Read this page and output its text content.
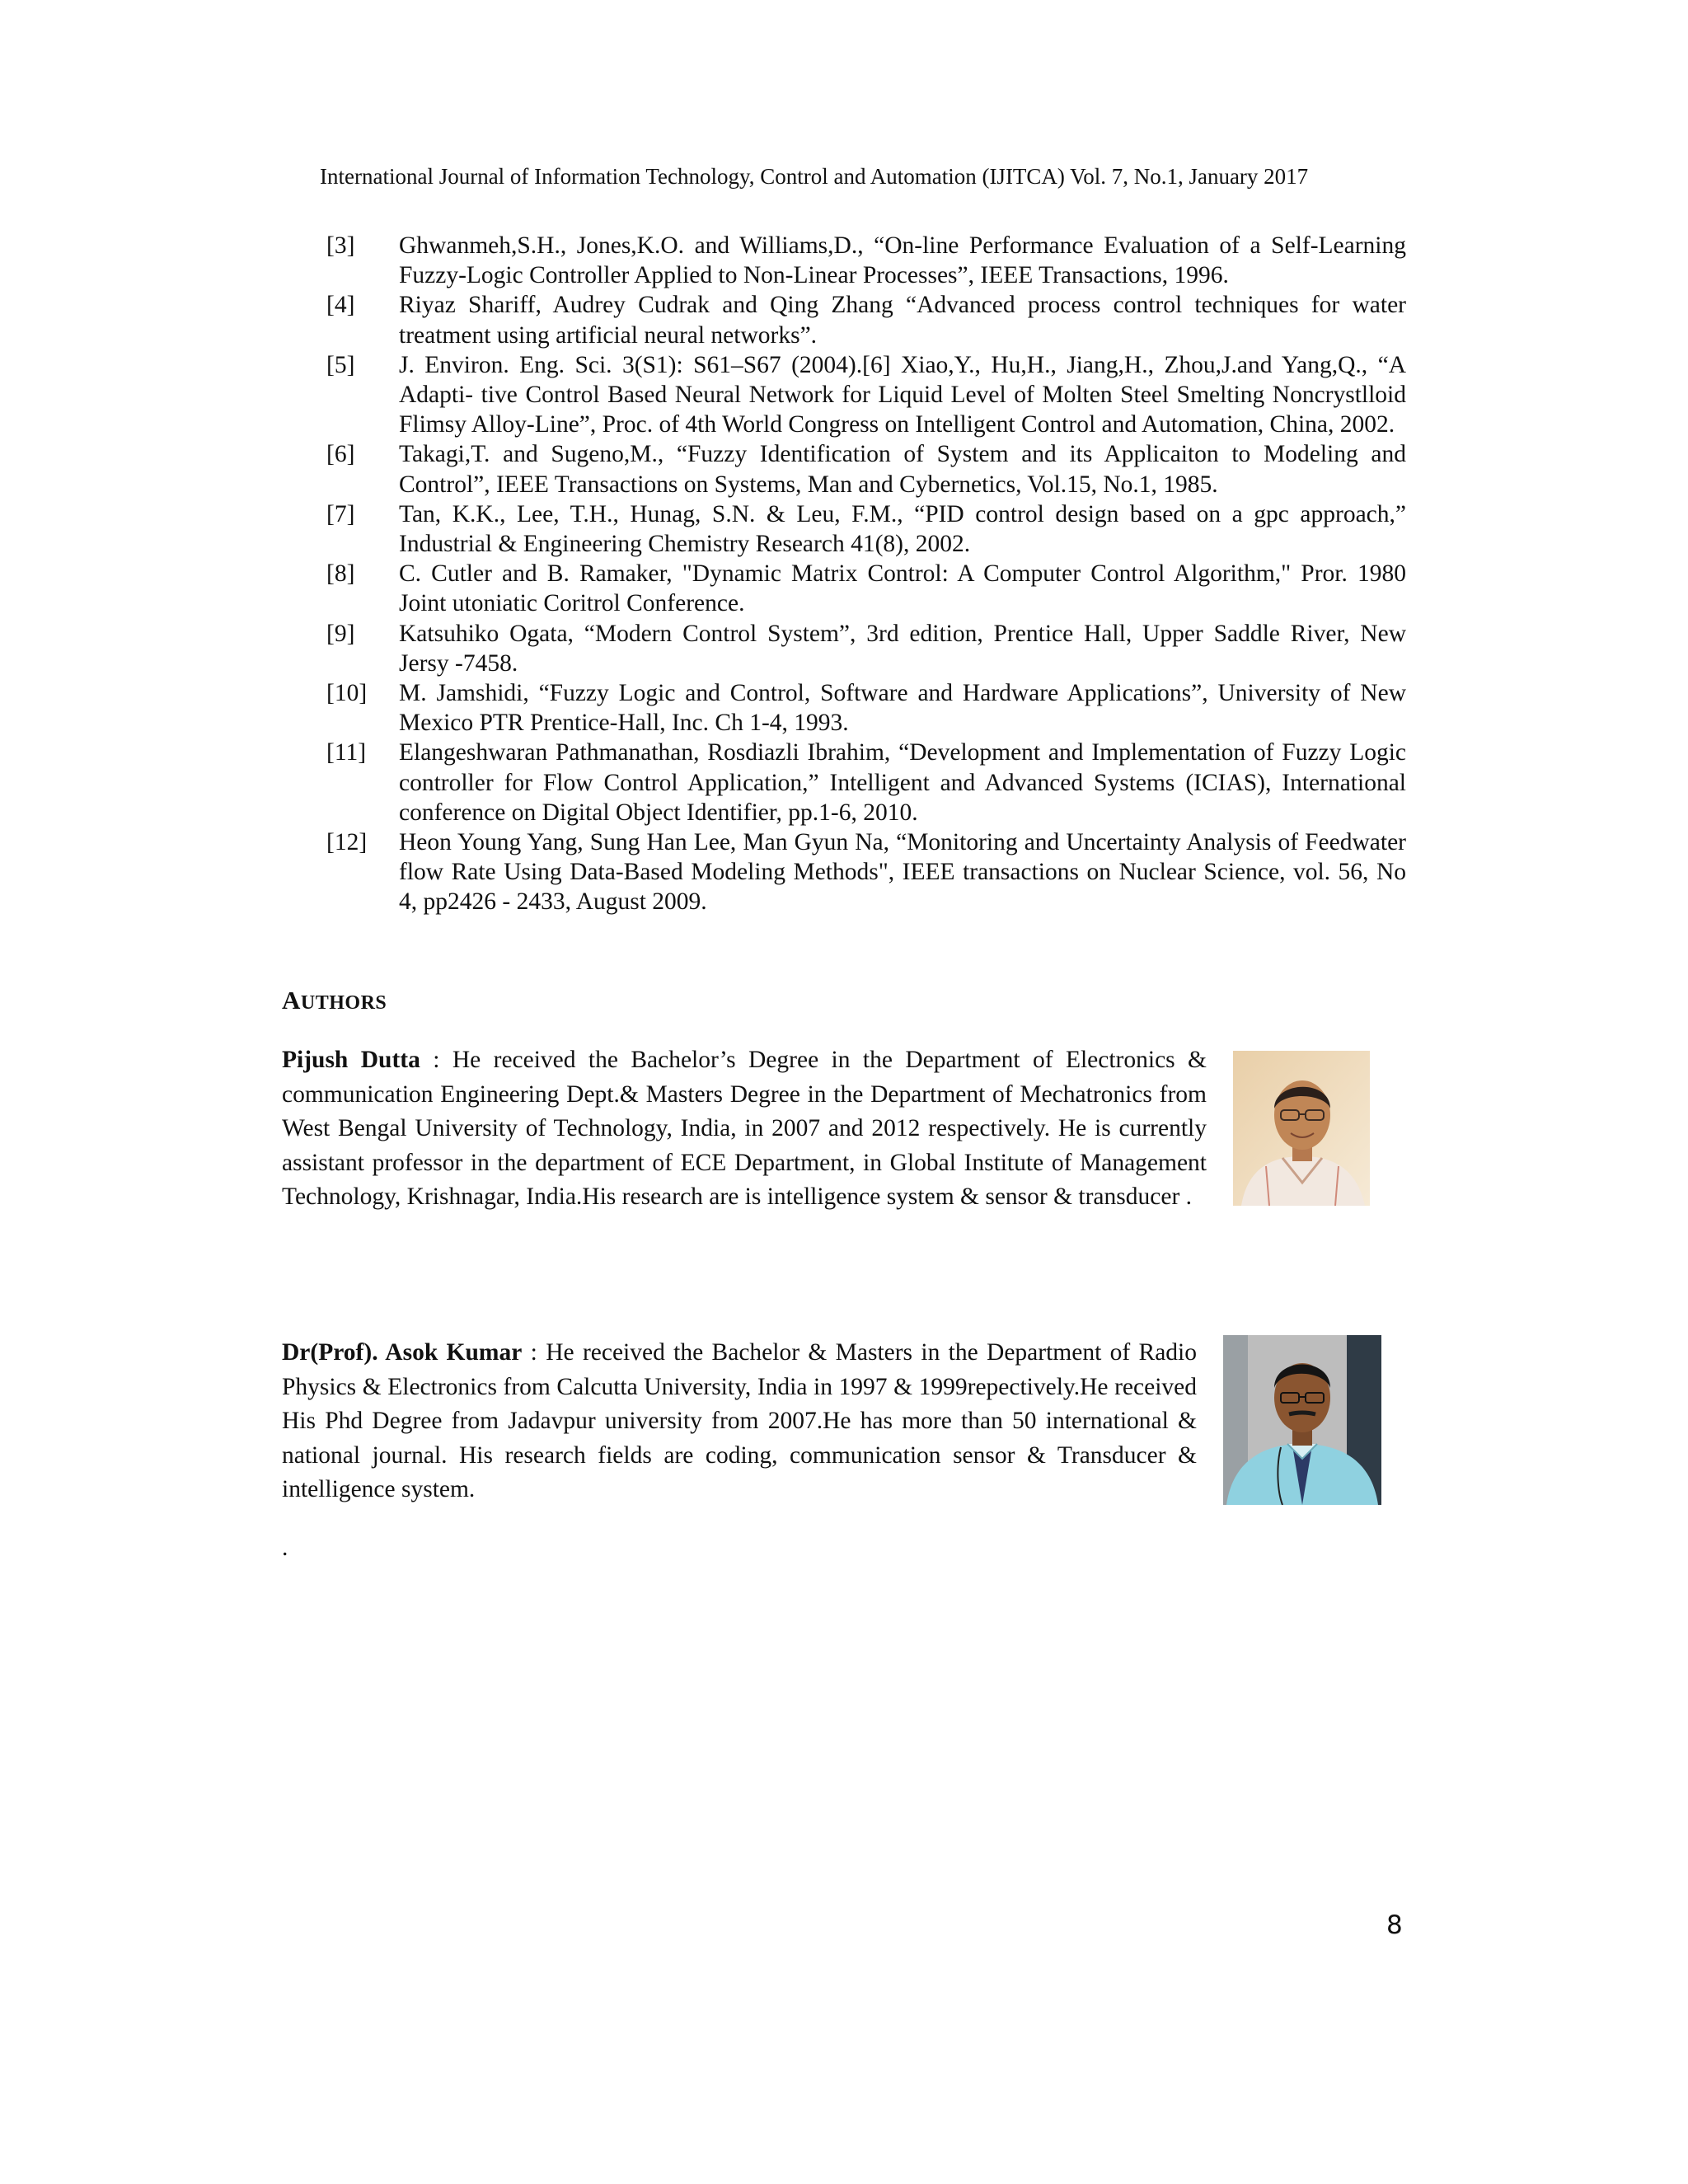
International Journal of Information Technology, Control and Automation (IJITCA) Vol. 7, No.1, January 2017
[3] Ghwanmeh,S.H., Jones,K.O. and Williams,D., “On-line Performance Evaluation of a Self-Learning Fuzzy-Logic Controller Applied to Non-Linear Processes”, IEEE Transactions, 1996.
[4] Riyaz Shariff, Audrey Cudrak and Qing Zhang “Advanced process control techniques for water treatment using artificial neural networks”.
[5] J. Environ. Eng. Sci. 3(S1): S61–S67 (2004).[6] Xiao,Y., Hu,H., Jiang,H., Zhou,J.and Yang,Q., “A Adapti- tive Control Based Neural Network for Liquid Level of Molten Steel Smelting Noncrystlloid Flimsy Alloy-Line”, Proc. of 4th World Congress on Intelligent Control and Automation, China, 2002.
[6] Takagi,T. and Sugeno,M., “Fuzzy Identification of System and its Applicaiton to Modeling and Control”, IEEE Transactions on Systems, Man and Cybernetics, Vol.15, No.1, 1985.
[7] Tan, K.K., Lee, T.H., Hunag, S.N. & Leu, F.M., “PID control design based on a gpc approach,” Industrial & Engineering Chemistry Research 41(8), 2002.
[8] C. Cutler and B. Ramaker, "Dynamic Matrix Control: A Computer Control Algorithm," Pror. 1980 Joint utoniatic Coritrol Conference.
[9] Katsuhiko Ogata, “Modern Control System”, 3rd edition, Prentice Hall, Upper Saddle River, New Jersy -7458.
[10] M. Jamshidi, “Fuzzy Logic and Control, Software and Hardware Applications”, University of New Mexico PTR Prentice-Hall, Inc. Ch 1-4, 1993.
[11] Elangeshwaran Pathmanathan, Rosdiazli Ibrahim, “Development and Implementation of Fuzzy Logic controller for Flow Control Application,” Intelligent and Advanced Systems (ICIAS), International conference on Digital Object Identifier, pp.1-6, 2010.
[12] Heon Young Yang, Sung Han Lee, Man Gyun Na, “Monitoring and Uncertainty Analysis of Feedwater flow Rate Using Data-Based Modeling Methods", IEEE transactions on Nuclear Science, vol. 56, No 4, pp2426 - 2433, August 2009.
AUTHORS
Pijush Dutta : He received the Bachelor’s Degree in the Department of Electronics & communication Engineering Dept.& Masters Degree in the Department of Mechatronics from West Bengal University of Technology, India, in 2007 and 2012 respectively. He is currently assistant professor in the department of ECE Department, in Global Institute of Management Technology, Krishnagar, India.His research are is intelligence system & sensor & transducer .
Dr(Prof). Asok Kumar : He received the Bachelor & Masters in the Department of Radio Physics & Electronics from Calcutta University, India in 1997 & 1999repectively.He received His Phd Degree from Jadavpur university from 2007.He has more than 50 international & national journal. His research fields are coding, communication sensor & Transducer & intelligence system.
.
8
